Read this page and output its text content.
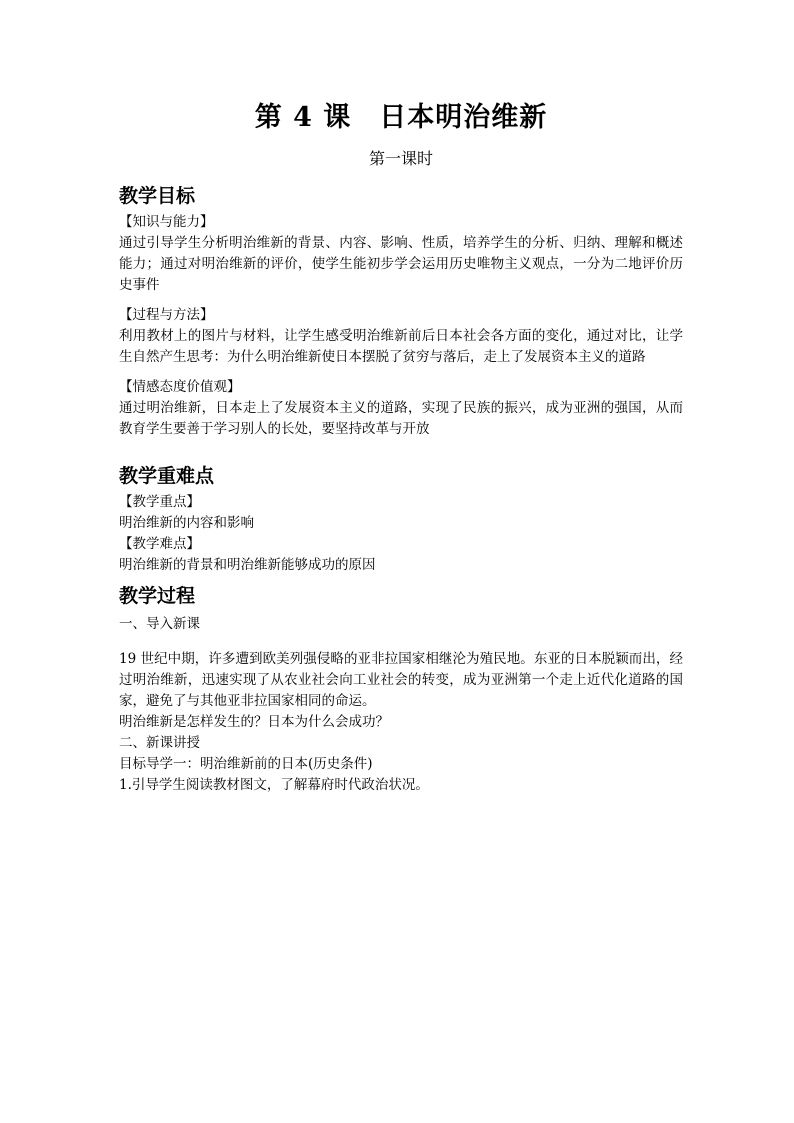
第 4 课 日本明治维新
第一课时
教学目标
【知识与能力】
通过引导学生分析明治维新的背景、内容、影响、性质，培养学生的分析、归纳、理解和概述能力；通过对明治维新的评价，使学生能初步学会运用历史唯物主义观点，一分为二地评价历史事件
【过程与方法】
利用教材上的图片与材料，让学生感受明治维新前后日本社会各方面的变化，通过对比，让学生自然产生思考：为什么明治维新使日本摆脱了贫穷与落后，走上了发展资本主义的道路
【情感态度价值观】
通过明治维新，日本走上了发展资本主义的道路，实现了民族的振兴，成为亚洲的强国，从而教育学生要善于学习别人的长处，要坚持改革与开放
教学重难点
【教学重点】
明治维新的内容和影响
【教学难点】
明治维新的背景和明治维新能够成功的原因
教学过程
一、导入新课
19 世纪中期，许多遭到欧美列强侵略的亚非拉国家相继沦为殖民地。东亚的日本脱颖而出，经过明治维新，迅速实现了从农业社会向工业社会的转变，成为亚洲第一个走上近代化道路的国家，避免了与其他亚非拉国家相同的命运。
明治维新是怎样发生的？日本为什么会成功？
二、新课讲授
目标导学一：明治维新前的日本(历史条件)
1.引导学生阅读教材图文，了解幕府时代政治状况。
